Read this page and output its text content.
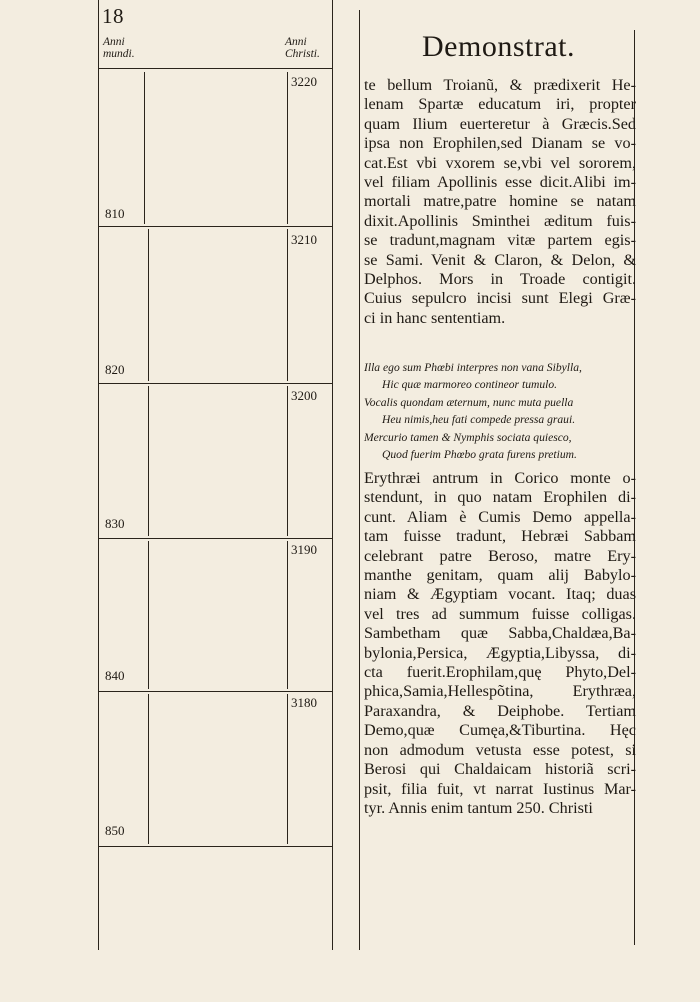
18
Anni
mundi.
Anni
Christi.
3220
810
3210
820
3200
830
3190
840
3180
850
Demonstrat.
te bellum Troianũ, & prædixerit He-
lenam Spartæ educatum iri, propter
quam Ilium euerteretur à Græcis.Sed
ipsa non Erophilen,sed Dianam se vo-
cat.Est vbi vxorem se,vbi vel sororem,
vel filiam Apollinis esse dicit.Alibi im-
mortali matre,patre homine se natam
dixit.Apollinis Sminthei æditum fuis-
se tradunt,magnam vitæ partem egis-
se Sami. Venit & Claron, & Delon, &
Delphos. Mors in Troade contigit.
Cuius sepulcro incisi sunt Elegi Græ-
ci in hanc sententiam.
Illa ego sum Phœbi interpres non vana Sibylla,
Hic quæ marmoreo contineor tumulo.
Vocalis quondam æternum, nunc muta puella
Heu nimis,heu fati compede pressa graui.
Mercurio tamen & Nymphis sociata quiesco,
Quod fuerim Phœbo grata furens pretium.
Erythræi antrum in Corico monte o-
stendunt, in quo natam Erophilen di-
cunt. Aliam è Cumis Demo appella-
tam fuisse tradunt, Hebræi Sabbam
celebrant patre Beroso, matre Ery-
manthe genitam, quam alij Babylo-
niam & Ægyptiam vocant. Itaq; duas
vel tres ad summum fuisse colligas.
Sambetham quæ Sabba,Chaldæa,Ba-
bylonia,Persica, Ægyptia,Libyssa, di-
cta fuerit.Erophilam,quę Phyto,Del-
phica,Samia,Hellespõtina, Erythræa,
Paraxandra, & Deiphobe. Tertiam
Demo,quæ Cumęa,&Tiburtina. Hęc
non admodum vetusta esse potest, si
Berosi qui Chaldaicam historiã scri-
psit, filia fuit, vt narrat Iustinus Mar-
tyr. Annis enim tantum 250. Christi
